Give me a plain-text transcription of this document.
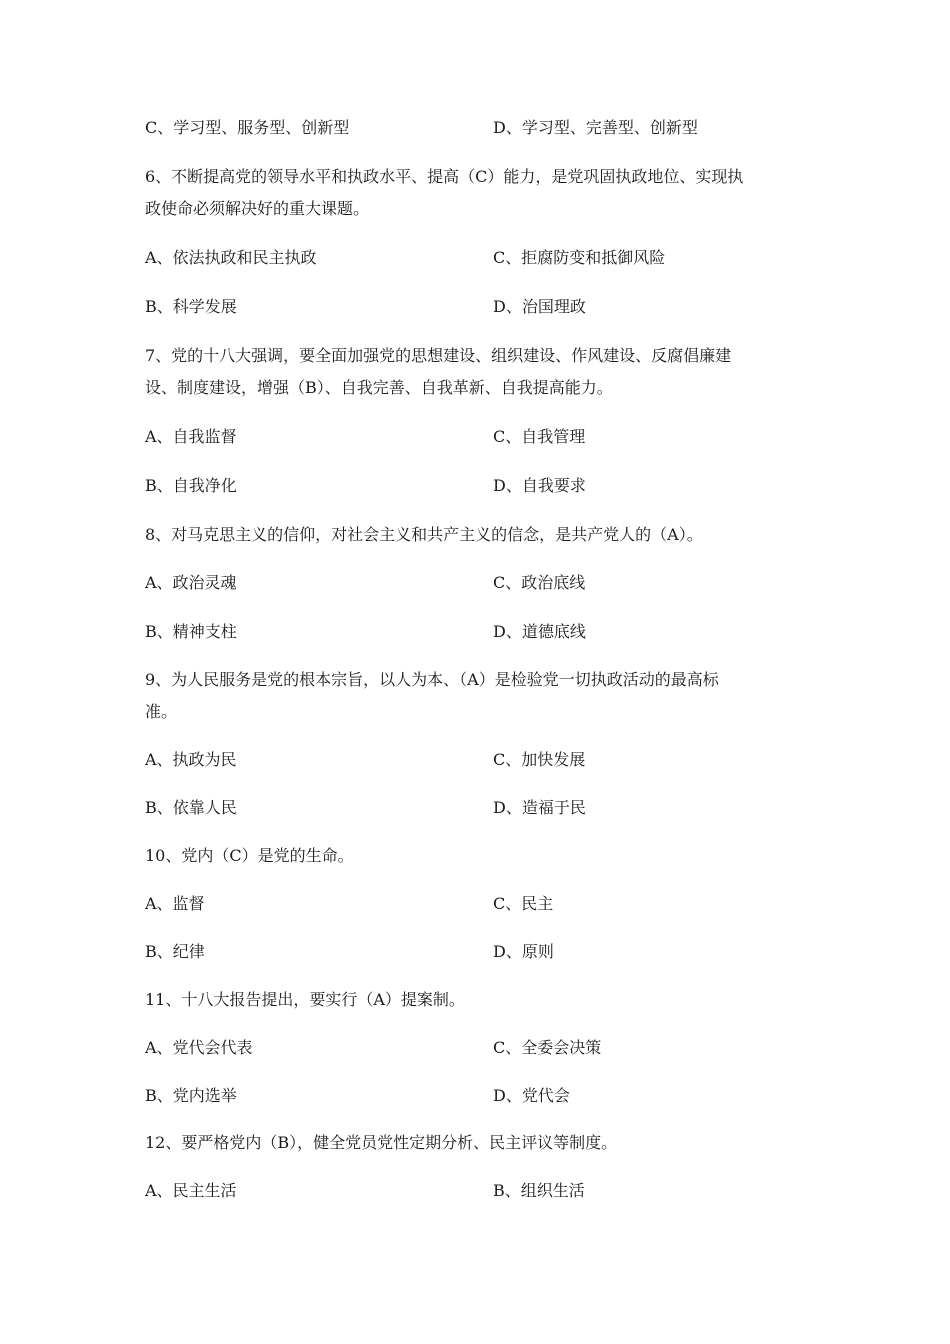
C、学习型、服务型、创新型	D、学习型、完善型、创新型
6、不断提高党的领导水平和执政水平、提高（C）能力，是党巩固执政地位、实现执
政使命必须解决好的重大课题。
A、依法执政和民主执政	C、拒腐防变和抵御风险
B、科学发展	D、治国理政
7、党的十八大强调，要全面加强党的思想建设、组织建设、作风建设、反腐倡廉建
设、制度建设，增强（B）、自我完善、自我革新、自我提高能力。
A、自我监督	C、自我管理
B、自我净化	D、自我要求
8、对马克思主义的信仰，对社会主义和共产主义的信念，是共产党人的（A）。
A、政治灵魂	C、政治底线
B、精神支柱	D、道德底线
9、为人民服务是党的根本宗旨，以人为本、（A）是检验党一切执政活动的最高标
准。
A、执政为民	C、加快发展
B、依靠人民	D、造福于民
10、党内（C）是党的生命。
A、监督	C、民主
B、纪律	D、原则
11、十八大报告提出，要实行（A）提案制。
A、党代会代表	C、全委会决策
B、党内选举	D、党代会
12、要严格党内（B），健全党员党性定期分析、民主评议等制度。
A、民主生活	B、组织生活
